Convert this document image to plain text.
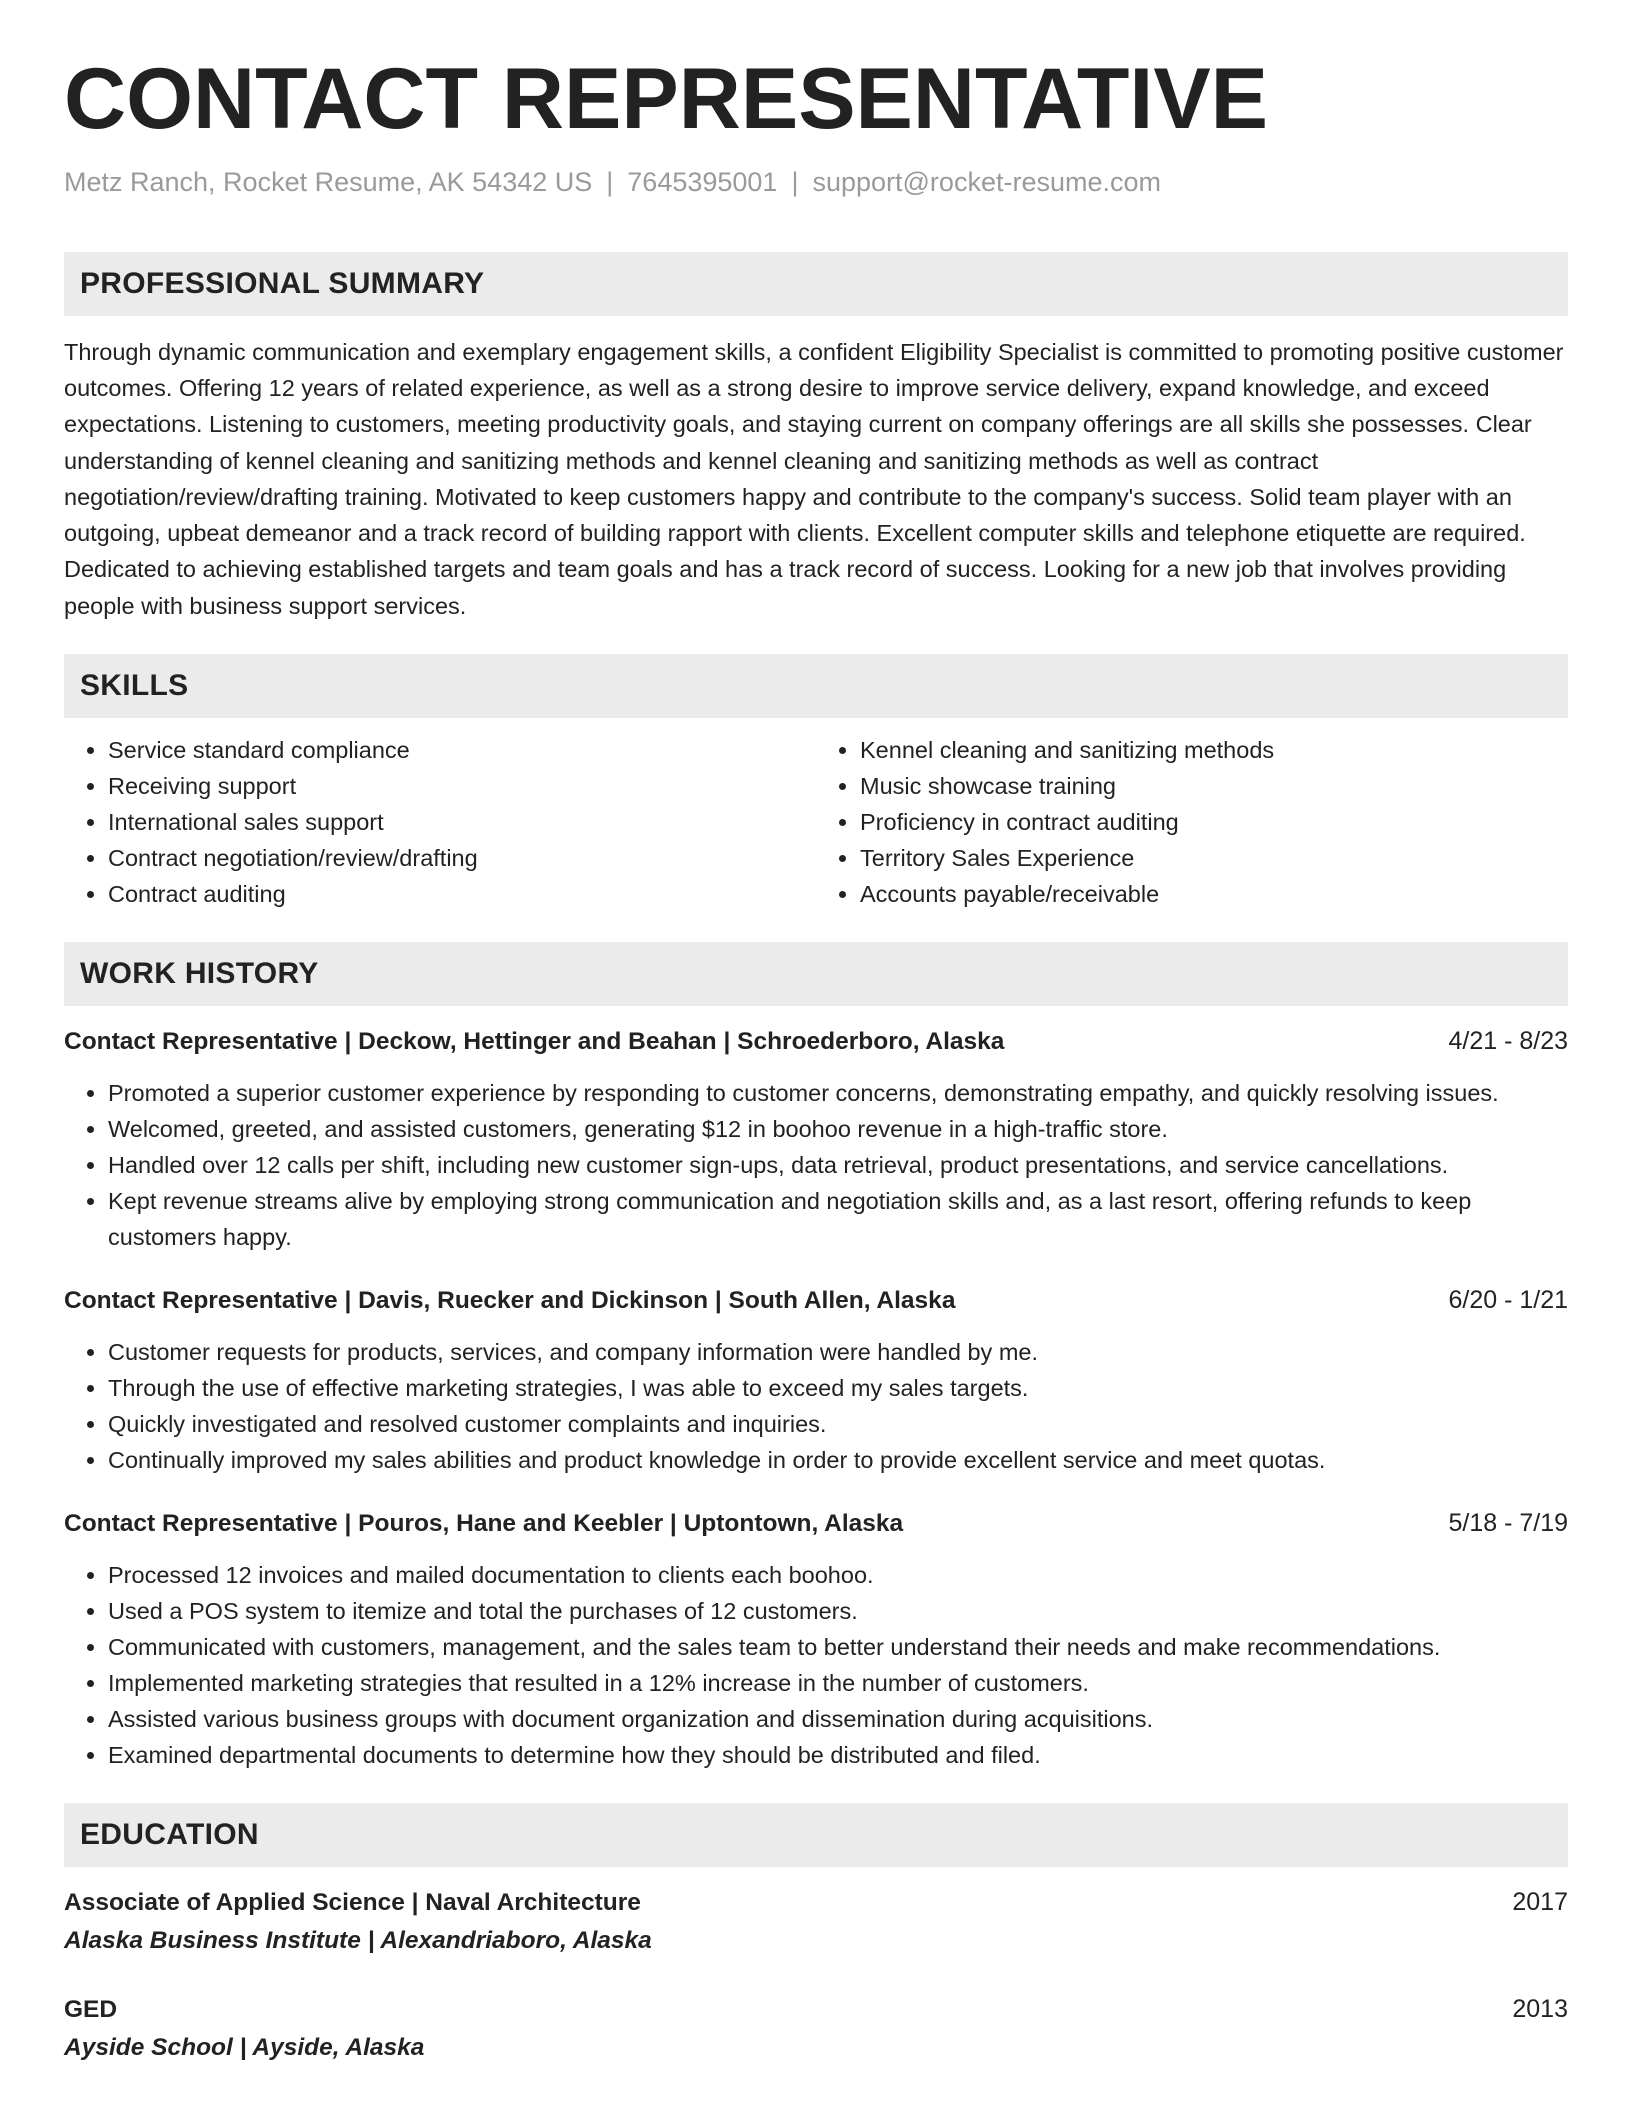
CONTACT REPRESENTATIVE
Metz Ranch, Rocket Resume, AK 54342 US | 7645395001 | support@rocket-resume.com
PROFESSIONAL SUMMARY
Through dynamic communication and exemplary engagement skills, a confident Eligibility Specialist is committed to promoting positive customer outcomes. Offering 12 years of related experience, as well as a strong desire to improve service delivery, expand knowledge, and exceed expectations. Listening to customers, meeting productivity goals, and staying current on company offerings are all skills she possesses. Clear understanding of kennel cleaning and sanitizing methods and kennel cleaning and sanitizing methods as well as contract negotiation/review/drafting training. Motivated to keep customers happy and contribute to the company's success. Solid team player with an outgoing, upbeat demeanor and a track record of building rapport with clients. Excellent computer skills and telephone etiquette are required. Dedicated to achieving established targets and team goals and has a track record of success. Looking for a new job that involves providing people with business support services.
SKILLS
• Service standard compliance
• Receiving support
• International sales support
• Contract negotiation/review/drafting
• Contract auditing
• Kennel cleaning and sanitizing methods
• Music showcase training
• Proficiency in contract auditing
• Territory Sales Experience
• Accounts payable/receivable
WORK HISTORY
Contact Representative | Deckow, Hettinger and Beahan | Schroederboro, Alaska	4/21 - 8/23
• Promoted a superior customer experience by responding to customer concerns, demonstrating empathy, and quickly resolving issues.
• Welcomed, greeted, and assisted customers, generating $12 in boohoo revenue in a high-traffic store.
• Handled over 12 calls per shift, including new customer sign-ups, data retrieval, product presentations, and service cancellations.
• Kept revenue streams alive by employing strong communication and negotiation skills and, as a last resort, offering refunds to keep customers happy.
Contact Representative | Davis, Ruecker and Dickinson | South Allen, Alaska	6/20 - 1/21
• Customer requests for products, services, and company information were handled by me.
• Through the use of effective marketing strategies, I was able to exceed my sales targets.
• Quickly investigated and resolved customer complaints and inquiries.
• Continually improved my sales abilities and product knowledge in order to provide excellent service and meet quotas.
Contact Representative | Pouros, Hane and Keebler | Uptontown, Alaska	5/18 - 7/19
• Processed 12 invoices and mailed documentation to clients each boohoo.
• Used a POS system to itemize and total the purchases of 12 customers.
• Communicated with customers, management, and the sales team to better understand their needs and make recommendations.
• Implemented marketing strategies that resulted in a 12% increase in the number of customers.
• Assisted various business groups with document organization and dissemination during acquisitions.
• Examined departmental documents to determine how they should be distributed and filed.
EDUCATION
Associate of Applied Science | Naval Architecture	2017
Alaska Business Institute | Alexandriaboro, Alaska
GED	2013
Ayside School | Ayside, Alaska
